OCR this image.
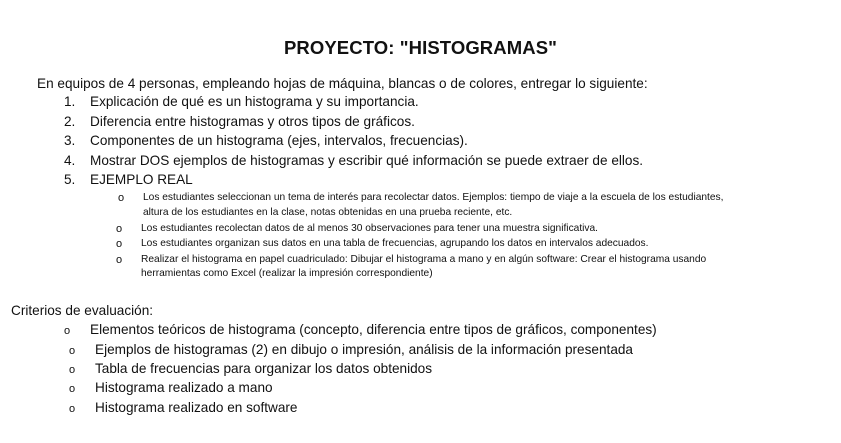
PROYECTO: "HISTOGRAMAS"
En equipos de 4 personas, empleando hojas de máquina, blancas o de colores, entregar lo siguiente:
1.	Explicación de qué es un histograma y su importancia.
2.	Diferencia entre histogramas y otros tipos de gráficos.
3.	Componentes de un histograma (ejes, intervalos, frecuencias).
4.	Mostrar DOS ejemplos de histogramas y escribir qué información se puede extraer de ellos.
5.	EJEMPLO REAL
o Los estudiantes seleccionan un tema de interés para recolectar datos. Ejemplos: tiempo de viaje a la escuela de los estudiantes,
altura de los estudiantes en la clase, notas obtenidas en una prueba reciente, etc.
o Los estudiantes recolectan datos de al menos 30 observaciones para tener una muestra significativa.
o Los estudiantes organizan sus datos en una tabla de frecuencias, agrupando los datos en intervalos adecuados.
o Realizar el histograma en papel cuadriculado: Dibujar el histograma a mano y en algún software: Crear el histograma usando
herramientas como Excel (realizar la impresión correspondiente)
Criterios de evaluación:
o Elementos teóricos de histograma (concepto, diferencia entre tipos de gráficos, componentes)
o Ejemplos de histogramas (2) en dibujo o impresión, análisis de la información presentada
o Tabla de frecuencias para organizar los datos obtenidos
o Histograma realizado a mano
o Histograma realizado en software
